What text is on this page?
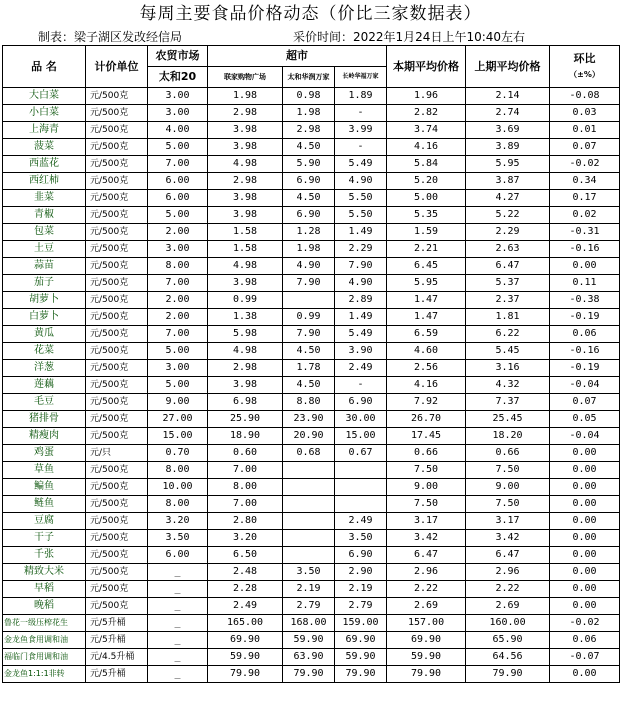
每周主要食品价格动态（价比三家数据表）
制表：梁子湖区发改经信局	采价时间：2022年1月24日上午10:40左右
品 名	计价单位	农贸市场	超市			本期平均价格	上期平均价格	环比
（±%）

		太和20	联家购物广场	太和华润万家	长岭华福万家			
大白菜	元/500克	3.00	1.98	0.98	1.89	1.96	2.14	-0.08
小白菜	元/500克	3.00	2.98	1.98	-	2.82	2.74	0.03
上海青	元/500克	4.00	3.98	2.98	3.99	3.74	3.69	0.01
菠菜	元/500克	5.00	3.98	4.50	-	4.16	3.89	0.07
西蓝花	元/500克	7.00	4.98	5.90	5.49	5.84	5.95	-0.02
西红柿	元/500克	6.00	2.98	6.90	4.90	5.20	3.87	0.34
韭菜	元/500克	6.00	3.98	4.50	5.50	5.00	4.27	0.17
青椒	元/500克	5.00	3.98	6.90	5.50	5.35	5.22	0.02
包菜	元/500克	2.00	1.58	1.28	1.49	1.59	2.29	-0.31
土豆	元/500克	3.00	1.58	1.98	2.29	2.21	2.63	-0.16
蒜苗	元/500克	8.00	4.98	4.90	7.90	6.45	6.47	0.00
茄子	元/500克	7.00	3.98	7.90	4.90	5.95	5.37	0.11
胡萝卜	元/500克	2.00	0.99		2.89	1.47	2.37	-0.38
白萝卜	元/500克	2.00	1.38	0.99	1.49	1.47	1.81	-0.19
黄瓜	元/500克	7.00	5.98	7.90	5.49	6.59	6.22	0.06
花菜	元/500克	5.00	4.98	4.50	3.90	4.60	5.45	-0.16
洋葱	元/500克	3.00	2.98	1.78	2.49	2.56	3.16	-0.19
莲藕	元/500克	5.00	3.98	4.50	-	4.16	4.32	-0.04
毛豆	元/500克	9.00	6.98	8.80	6.90	7.92	7.37	0.07
猪排骨	元/500克	27.00	25.90	23.90	30.00	26.70	25.45	0.05
精瘦肉	元/500克	15.00	18.90	20.90	15.00	17.45	18.20	-0.04
鸡蛋	元/只	0.70	0.60	0.68	0.67	0.66	0.66	0.00
草鱼	元/500克	8.00	7.00			7.50	7.50	0.00
鳊鱼	元/500克	10.00	8.00			9.00	9.00	0.00
鲢鱼	元/500克	8.00	7.00			7.50	7.50	0.00
豆腐	元/500克	3.20	2.80		2.49	3.17	3.17	0.00
干子	元/500克	3.50	3.20		3.50	3.42	3.42	0.00
千张	元/500克	6.00	6.50		6.90	6.47	6.47	0.00
精致大米	元/500克	_	2.48	3.50	2.90	2.96	2.96	0.00
早稻	元/500克	_	2.28	2.19	2.19	2.22	2.22	0.00
晚稻	元/500克	_	2.49	2.79	2.79	2.69	2.69	0.00
鲁花一级压榨花生	元/5升桶	_	165.00	168.00	159.00	157.00	160.00	-0.02
金龙鱼食用调和油	元/5升桶	_	69.90	59.90	69.90	69.90	65.90	0.06
福临门食用调和油	元/4.5升桶	_	59.90	63.90	59.90	59.90	64.56	-0.07
金龙鱼1:1:1非转	元/5升桶	_	79.90	79.90	79.90	79.90	79.90	0.00
